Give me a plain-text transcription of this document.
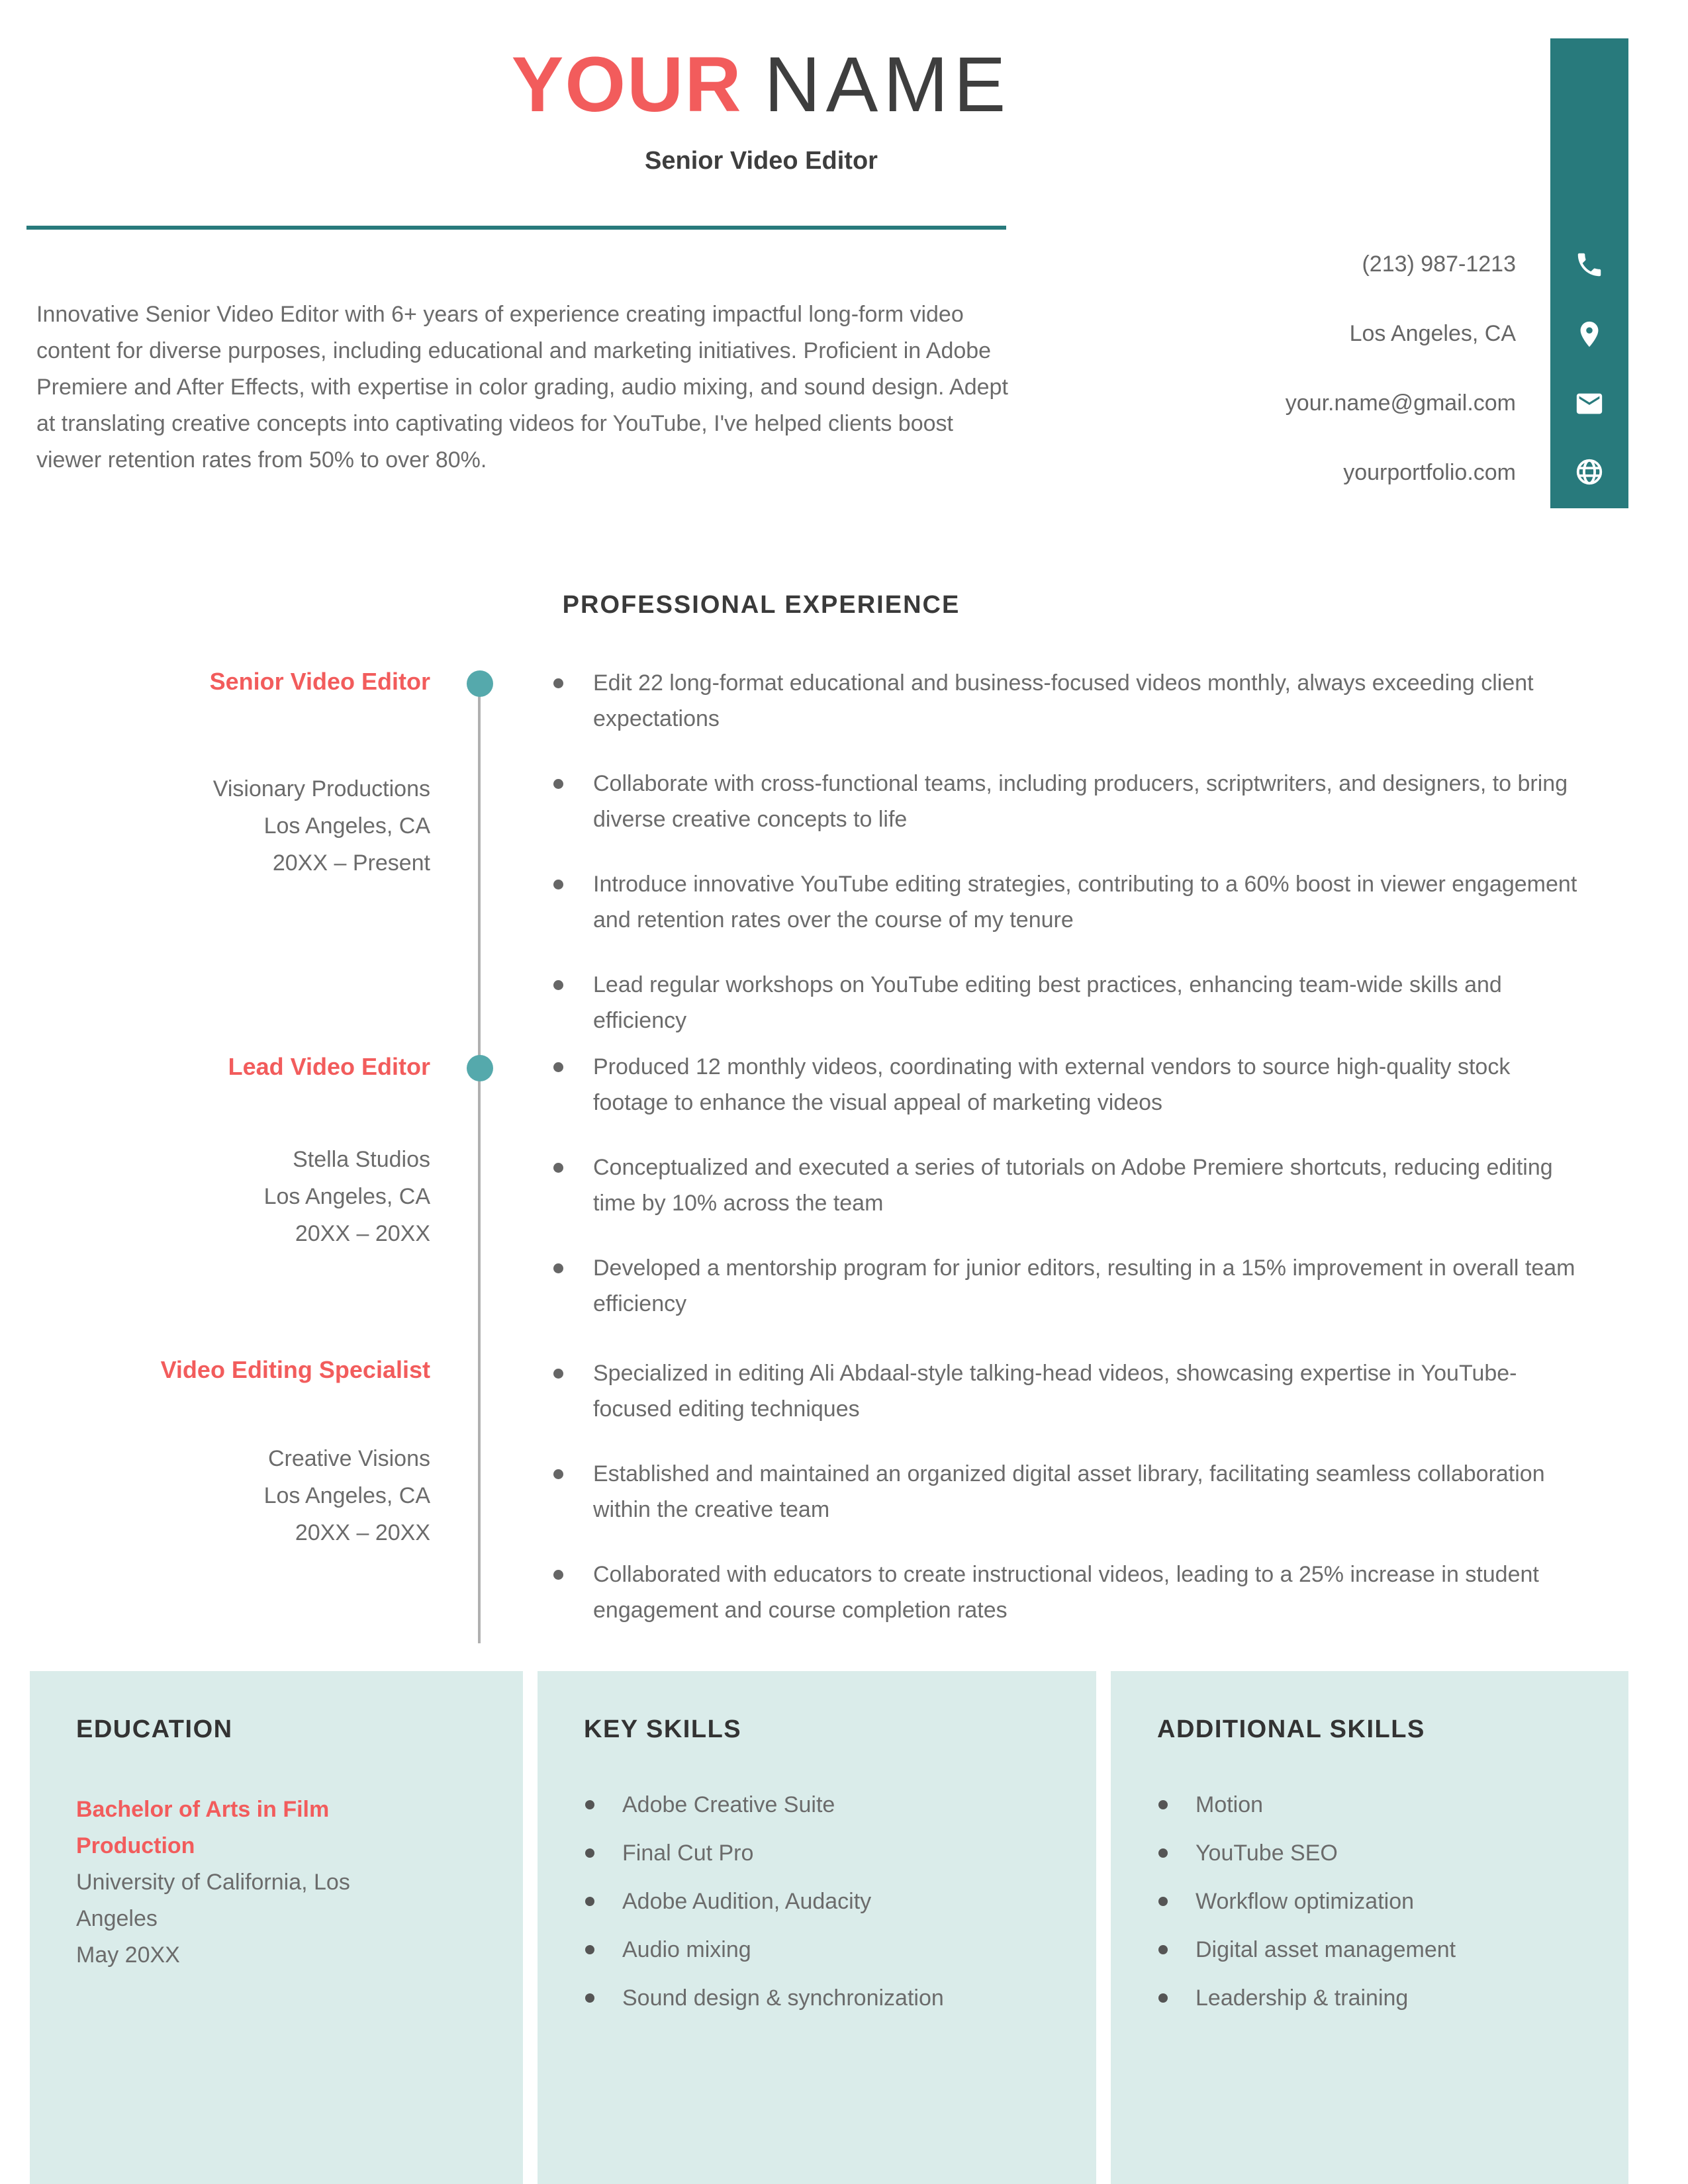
YOUR NAME
Senior Video Editor
Innovative Senior Video Editor with 6+ years of experience creating impactful long-form video content for diverse purposes, including educational and marketing initiatives. Proficient in Adobe Premiere and After Effects, with expertise in color grading, audio mixing, and sound design. Adept at translating creative concepts into captivating videos for YouTube, I've helped clients boost viewer retention rates from 50% to over 80%.
(213) 987-1213
Los Angeles, CA
your.name@gmail.com
yourportfolio.com
PROFESSIONAL EXPERIENCE
Senior Video Editor
Visionary Productions
Los Angeles, CA
20XX – Present
Edit 22 long-format educational and business-focused videos monthly, always exceeding client expectations
Collaborate with cross-functional teams, including producers, scriptwriters, and designers, to bring diverse creative concepts to life
Introduce innovative YouTube editing strategies, contributing to a 60% boost in viewer engagement and retention rates over the course of my tenure
Lead regular workshops on YouTube editing best practices, enhancing team-wide skills and efficiency
Lead Video Editor
Stella Studios
Los Angeles, CA
20XX – 20XX
Produced 12 monthly videos, coordinating with external vendors to source high-quality stock footage to enhance the visual appeal of marketing videos
Conceptualized and executed a series of tutorials on Adobe Premiere shortcuts, reducing editing time by 10% across the team
Developed a mentorship program for junior editors, resulting in a 15% improvement in overall team efficiency
Video Editing Specialist
Creative Visions
Los Angeles, CA
20XX – 20XX
Specialized in editing Ali Abdaal-style talking-head videos, showcasing expertise in YouTube-focused editing techniques
Established and maintained an organized digital asset library, facilitating seamless collaboration within the creative team
Collaborated with educators to create instructional videos, leading to a 25% increase in student engagement and course completion rates

EDUCATION

Bachelor of Arts in Film Production

University of California, Los Angeles

May 20XX

KEY SKILLS

Adobe Creative Suite
Final Cut Pro
Adobe Audition, Audacity
Audio mixing
Sound design & synchronization

ADDITIONAL SKILLS

Motion
YouTube SEO
Workflow optimization
Digital asset management
Leadership & training
